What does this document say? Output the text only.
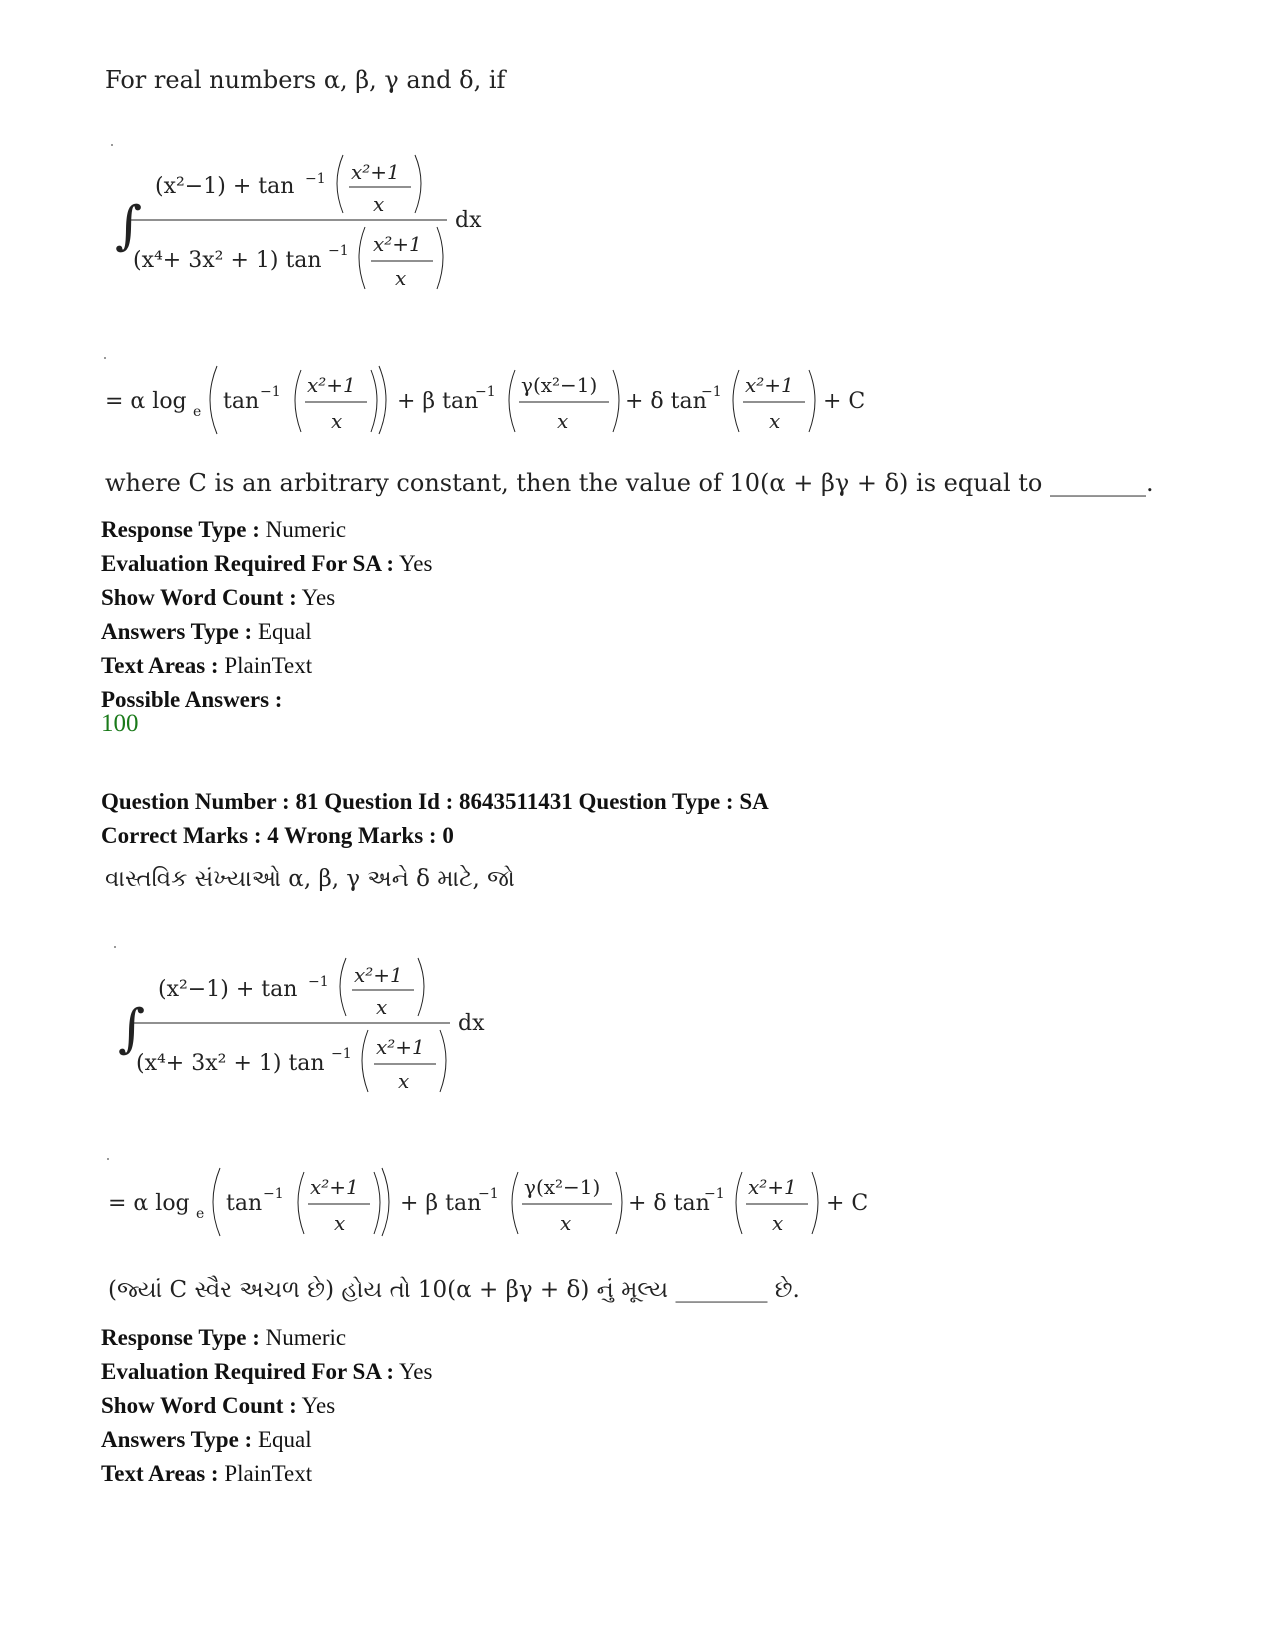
For real numbers α, β, γ and δ, if
∫
(x²−1) + tan −1 x²+1
x
dx
(x⁴+ 3x² + 1) tan −1 x²+1
x
= α log e tan −1 x²+1
x
+ β tan
−1 γ(x²−1)
x
+ δ tan
−1 x²+1
x
+ C
where C is an arbitrary constant, then the value of 10(α + βγ + δ) is equal to ________.
Response Type : Numeric
Evaluation Required For SA : Yes
Show Word Count : Yes
Answers Type : Equal
Text Areas : PlainText
Possible Answers :
100
Question Number : 81 Question Id : 8643511431 Question Type : SA
Correct Marks : 4 Wrong Marks : 0
વાસ્તવિક સંખ્યાઓ α, β, γ અને δ માટે, જો
∫
(x²−1) + tan −1 x²+1
x
dx
(x⁴+ 3x² + 1) tan −1 x²+1
x
= α log e tan −1 x²+1
x
+ β tan
−1 γ(x²−1)
x
+ δ tan
−1 x²+1
x
+ C
(જ્યાં C સ્વૈર અચળ છે) હોય તો 10(α + βγ + δ) નું મૂલ્ય ________ છે.
Response Type : Numeric
Evaluation Required For SA : Yes
Show Word Count : Yes
Answers Type : Equal
Text Areas : PlainText
